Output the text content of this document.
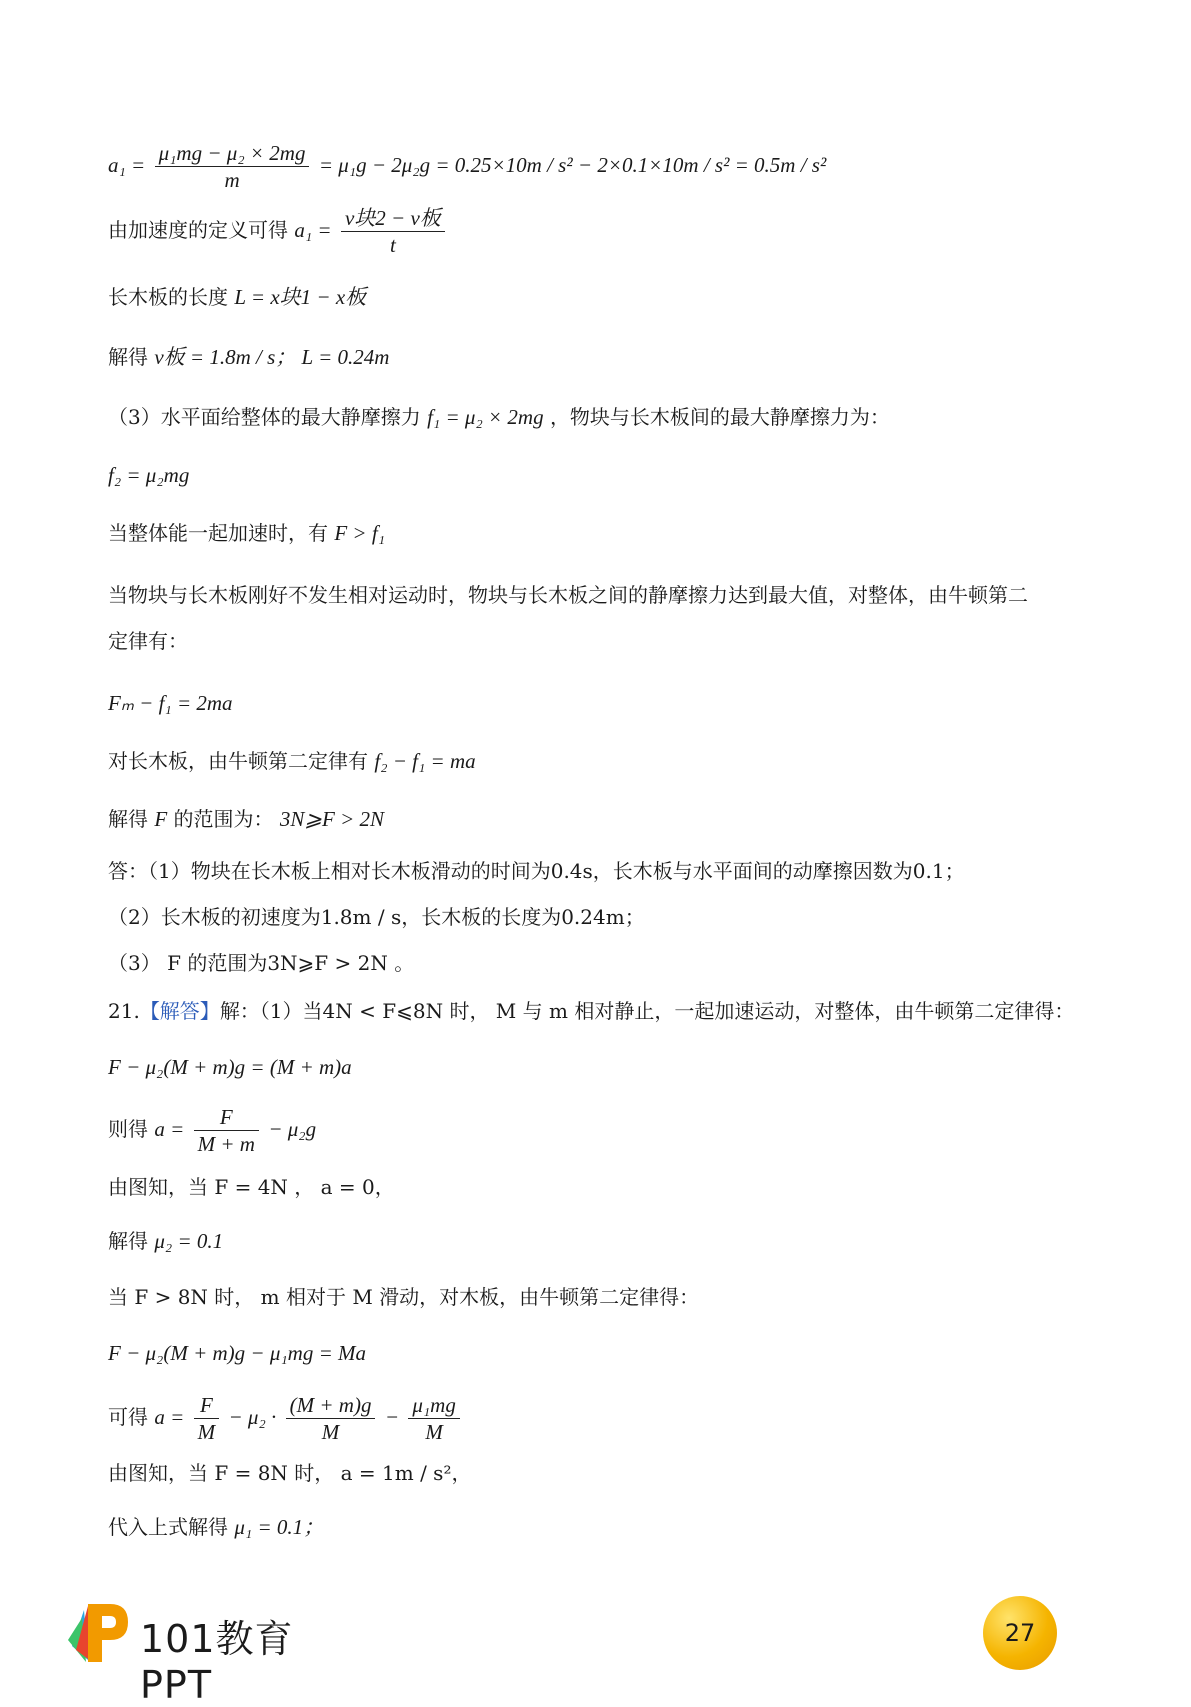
$a_1 = \frac{\text{μ₁mg − μ₂ × 2mg}}{m} = \mu_1g - 2\mu_2g = 0.25\times 10m / s^2 - 2\times 0.1\times 10m / s^2 = 0.5m / s^2$
由加速度的定义可得 $a_1 = \frac{\text{v块2 − v板}}{t}$
长木板的长度 L = x块1 − x板
解得 v板 = 1.8m / s； L = 0.24m
（3）水平面给整体的最大静摩擦力 f₁ = μ₂ × 2mg ，物块与长木板间的最大静摩擦力为：
f₂ = μ₂mg
当整体能一起加速时，有 F > f₁
当物块与长木板刚好不发生相对运动时，物块与长木板之间的静摩擦力达到最大值，对整体，由牛顿第二
定律有：
Fₘ − f₁ = 2ma
对长木板，由牛顿第二定律有 f₂ − f₁ = ma
解得 F 的范围为： 3N⩾F > 2N
答：（1）物块在长木板上相对长木板滑动的时间为0.4s，长木板与水平面间的动摩擦因数为0.1；
（2）长木板的初速度为1.8m / s，长木板的长度为0.24m；
（3） F 的范围为3N⩾F > 2N 。
21.【解答】解：（1）当4N < F⩽8N 时， M 与 m 相对静止，一起加速运动，对整体，由牛顿第二定律得：
F − μ₂(M + m)g = (M + m)a
则得 $a = \frac{F}{M + m} - \mu_2g$
由图知，当 F = 4N ， a = 0，
解得 μ₂ = 0.1
当 F > 8N 时， m 相对于 M 滑动，对木板，由牛顿第二定律得：
F − μ₂(M + m)g − μ₁mg = Ma
可得 $a = \frac{F}{M} - \mu_2 \cdot \frac{(M + m)g}{M} - \frac{\text{μ₁mg}}{M}$
由图知，当 F = 8N 时， a = 1m / s²，
代入上式解得 μ₁ = 0.1；
101教育PPT
27
